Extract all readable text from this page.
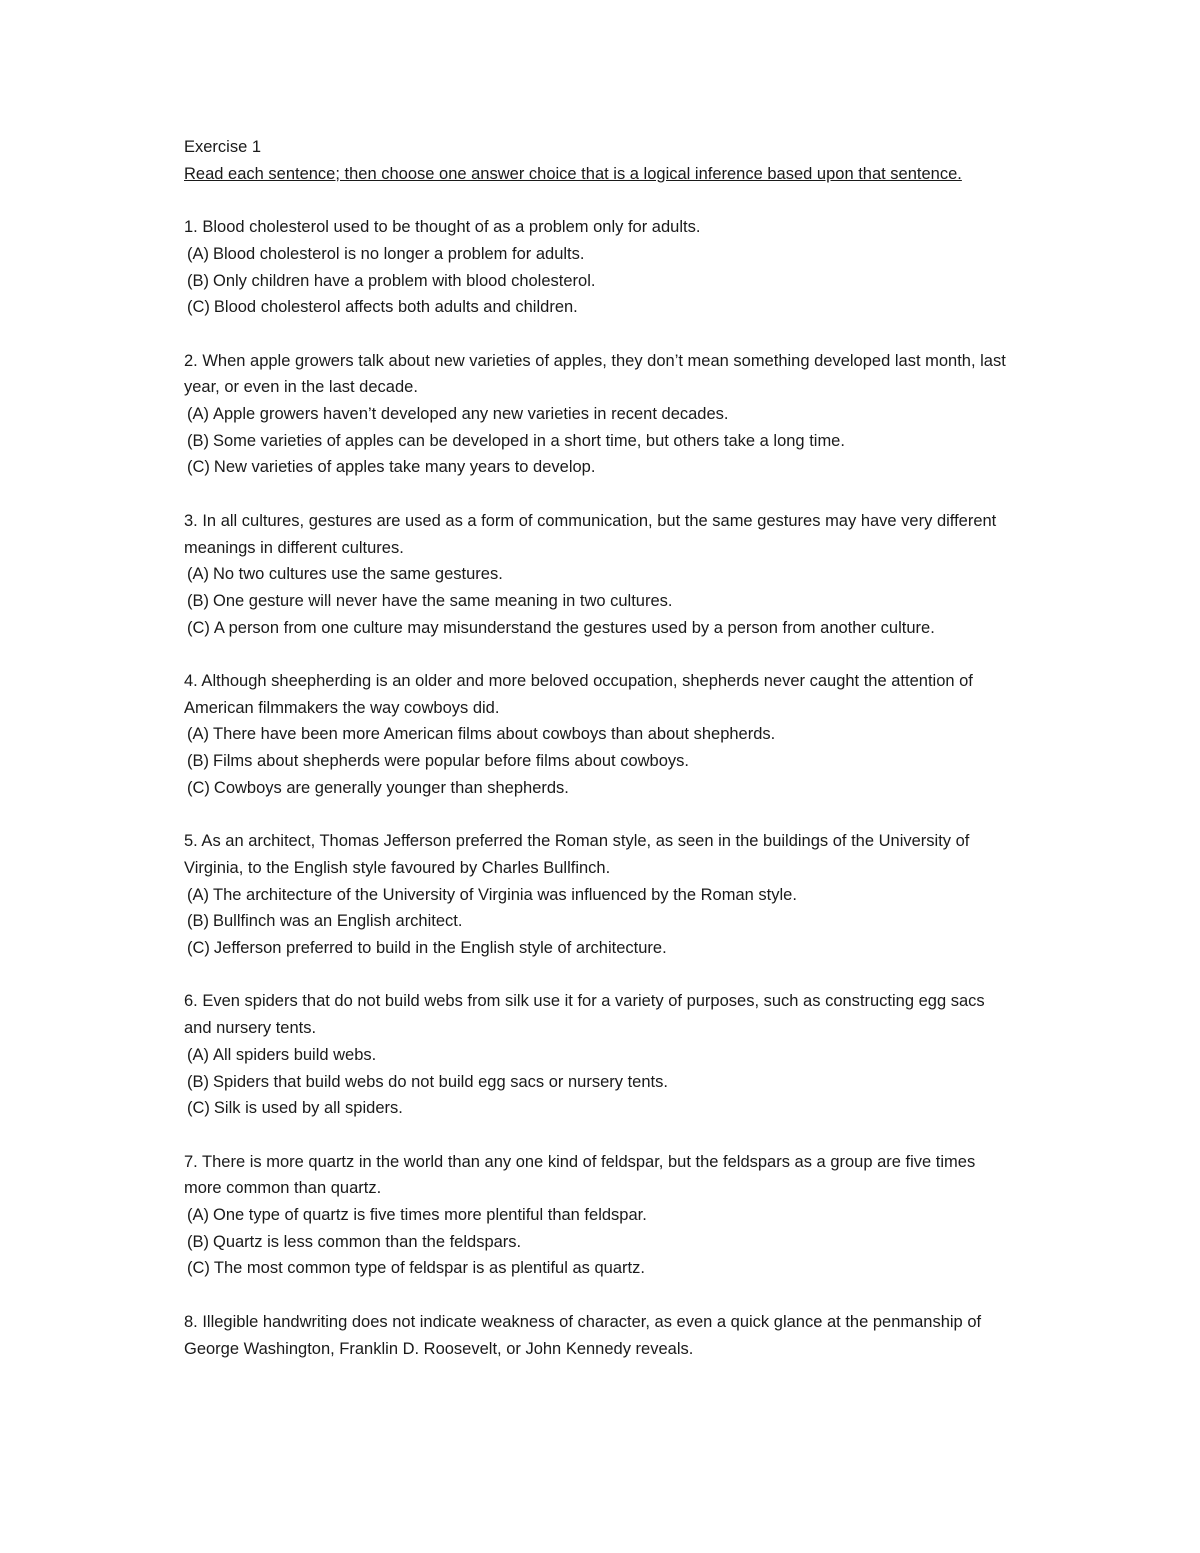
Exercise 1
Read each sentence; then choose one answer choice that is a logical inference based upon that sentence.
1. Blood cholesterol used to be thought of as a problem only for adults.
(A) Blood cholesterol is no longer a problem for adults.
(B) Only children have a problem with blood cholesterol.
(C) Blood cholesterol affects both adults and children.
2. When apple growers talk about new varieties of apples, they don’t mean something developed last month, last year, or even in the last decade.
(A) Apple growers haven’t developed any new varieties in recent decades.
(B) Some varieties of apples can be developed in a short time, but others take a long time.
(C) New varieties of apples take many years to develop.
3. In all cultures, gestures are used as a form of communication, but the same gestures may have very different meanings in different cultures.
(A) No two cultures use the same gestures.
(B) One gesture will never have the same meaning in two cultures.
(C) A person from one culture may misunderstand the gestures used by a person from another culture.
4. Although sheepherding is an older and more beloved occupation, shepherds never caught the attention of American filmmakers the way cowboys did.
(A) There have been more American films about cowboys than about shepherds.
(B) Films about shepherds were popular before films about cowboys.
(C) Cowboys are generally younger than shepherds.
5. As an architect, Thomas Jefferson preferred the Roman style, as seen in the buildings of the University of Virginia, to the English style favoured by Charles Bullfinch.
(A) The architecture of the University of Virginia was influenced by the Roman style.
(B) Bullfinch was an English architect.
(C) Jefferson preferred to build in the English style of architecture.
6. Even spiders that do not build webs from silk use it for a variety of purposes, such as constructing egg sacs and nursery tents.
(A) All spiders build webs.
(B) Spiders that build webs do not build egg sacs or nursery tents.
(C) Silk is used by all spiders.
7. There is more quartz in the world than any one kind of feldspar, but the feldspars as a group are five times more common than quartz.
(A) One type of quartz is five times more plentiful than feldspar.
(B) Quartz is less common than the feldspars.
(C) The most common type of feldspar is as plentiful as quartz.
8. Illegible handwriting does not indicate weakness of character, as even a quick glance at the penmanship of George Washington, Franklin D. Roosevelt, or John Kennedy reveals.
